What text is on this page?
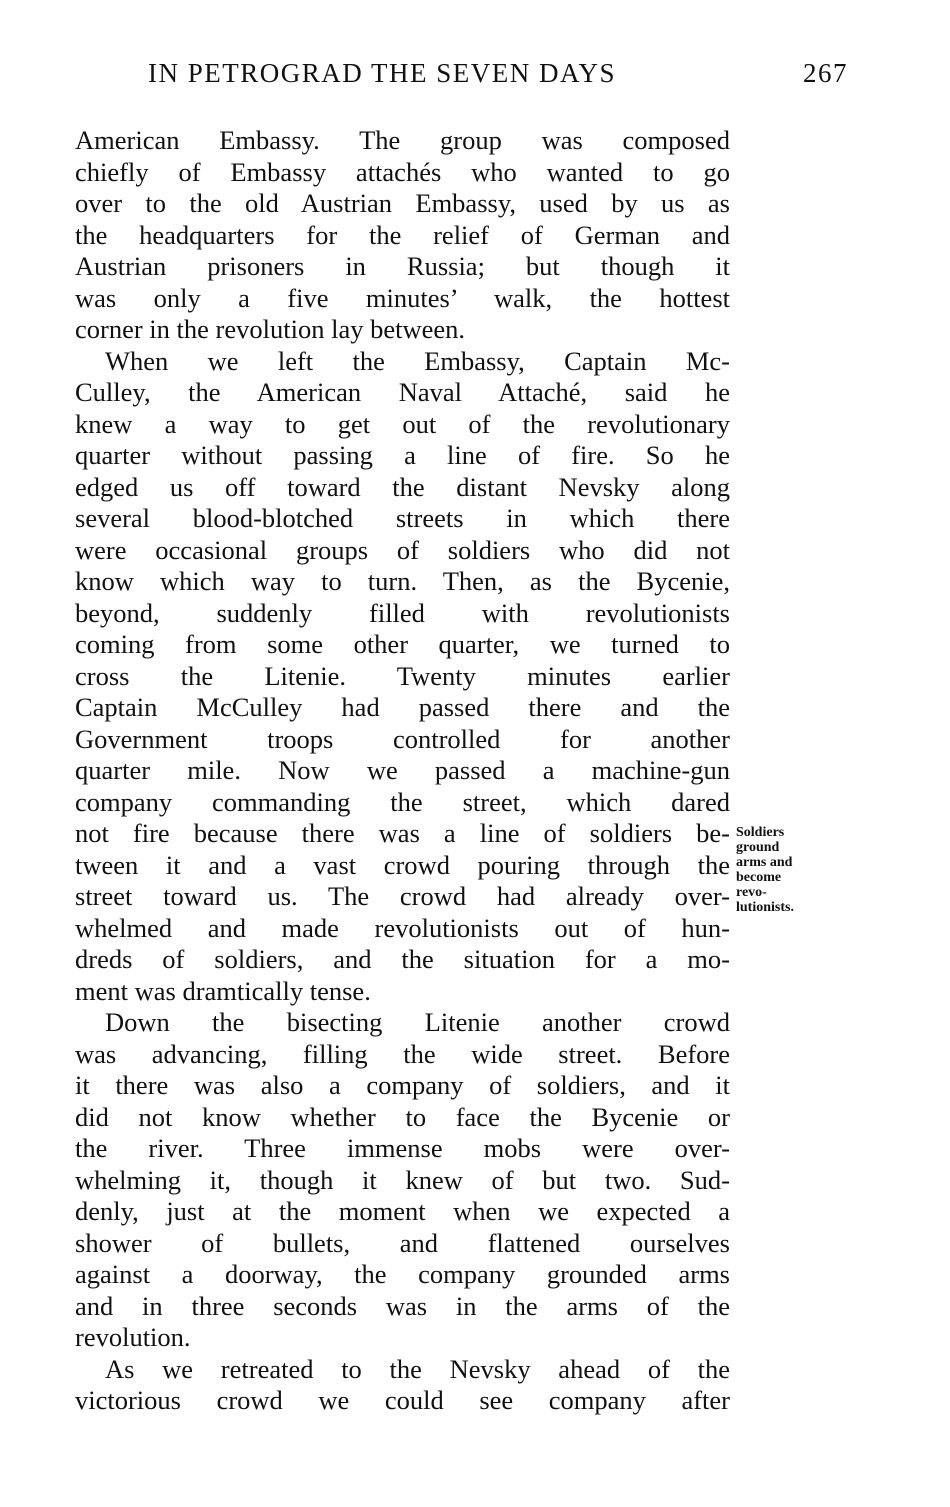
IN PETROGRAD THE SEVEN DAYS	267
American Embassy. The group was composed
chiefly of Embassy attachés who wanted to go
over to the old Austrian Embassy, used by us as
the headquarters for the relief of German and
Austrian prisoners in Russia; but though it
was only a five minutes’ walk, the hottest
corner in the revolution lay between.
When we left the Embassy, Captain Mc-
Culley, the American Naval Attaché, said he
knew a way to get out of the revolutionary
quarter without passing a line of fire. So he
edged us off toward the distant Nevsky along
several blood-blotched streets in which there
were occasional groups of soldiers who did not
know which way to turn. Then, as the Bycenie,
beyond, suddenly filled with revolutionists
coming from some other quarter, we turned to
cross the Litenie. Twenty minutes earlier
Captain McCulley had passed there and the
Government troops controlled for another
quarter mile. Now we passed a machine-gun
company commanding the street, which dared
not fire because there was a line of soldiers be-
tween it and a vast crowd pouring through the
street toward us. The crowd had already over-
whelmed and made revolutionists out of hun-
dreds of soldiers, and the situation for a mo-
ment was dramtically tense.
Down the bisecting Litenie another crowd
was advancing, filling the wide street. Before
it there was also a company of soldiers, and it
did not know whether to face the Bycenie or
the river. Three immense mobs were over-
whelming it, though it knew of but two. Sud-
denly, just at the moment when we expected a
shower of bullets, and flattened ourselves
against a doorway, the company grounded arms
and in three seconds was in the arms of the
revolution.
As we retreated to the Nevsky ahead of the
victorious crowd we could see company after
Soldiers
ground
arms and
become
revo-
lutionists.
